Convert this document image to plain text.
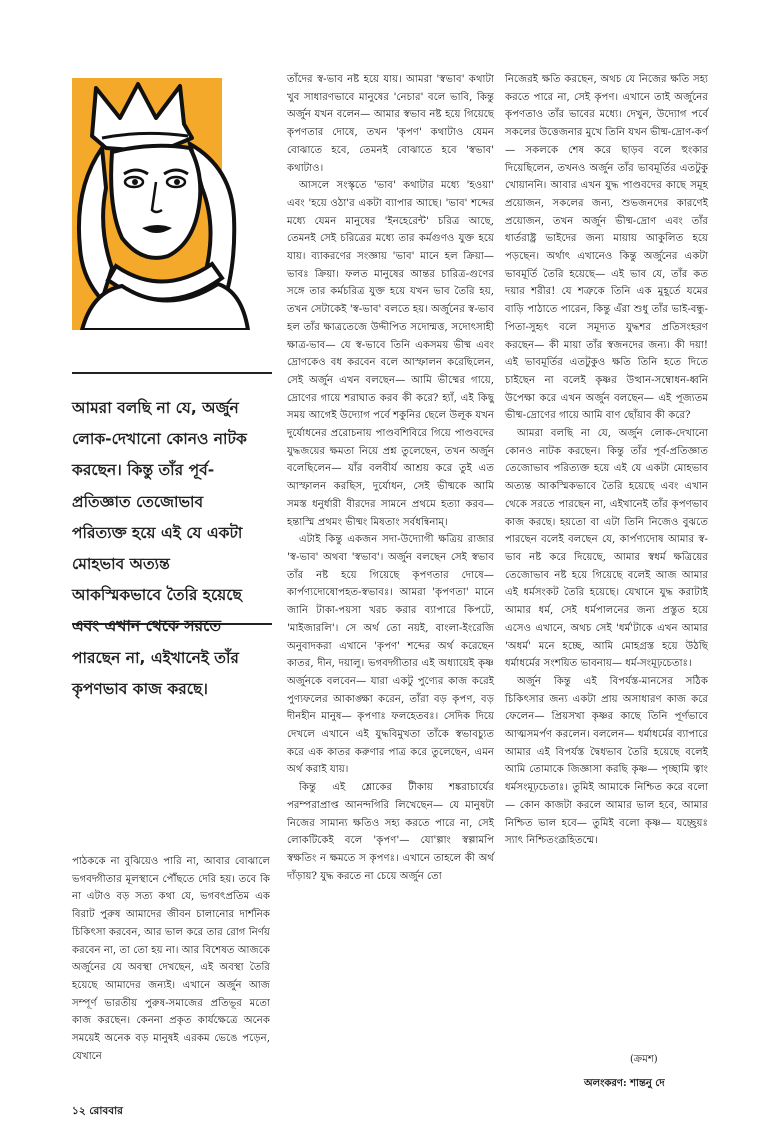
আমরা বলছি না যে, অর্জুন

লোক-দেখানো কোনও নাটক

করছেন। কিন্তু তাঁর পূর্ব-

প্রতিজ্ঞাত তেজোভাব

পরিত্যক্ত হয়ে এই যে একটা

মোহভাব অত্যন্ত

আকস্মিকভাবে তৈরি হয়েছে

এবং এখান থেকে সরতে

পারছেন না, এইখানেই তাঁর

কৃপণভাব কাজ করছে।

পাঠককে না বুঝিয়েও পারি না, আবার বোঝালে ভগবদ্গীতার মূলস্থানে পৌঁছতে দেরি হয়। তবে কি না এটাও বড় সত্য কথা যে, ভগবৎপ্রতিম এক বিরাট পুরুষ আমাদের জীবন চালানোর দার্শনিক চিকিৎসা করবেন, আর ভাল করে তার রোগ নির্ণয় করবেন না, তা তো হয় না। আর বিশেষত আজকে অর্জুনের যে অবস্থা দেখছেন, এই অবস্থা তৈরি হয়েছে আমাদের জন্যই। এখানে অর্জুন আজ সম্পূর্ণ ভারতীয় পুরুষ-সমাজের প্রতিভূর মতো কাজ করছেন। কেননা প্রকৃত কার্যক্ষেত্রে অনেক সময়েই অনেক বড় মানুষই এরকম ভেঙে পড়েন, যেখানে

তাঁদের স্ব-ভাব নষ্ট হয়ে যায়। আমরা 'স্বভাব' কথাটা খুব সাধারণভাবে মানুষের 'নেচার' বলে ভাবি, কিন্তু অর্জুন যখন বলেন— আমার স্বভাব নষ্ট হয়ে গিয়েছে কৃপণতার দোষে, তখন 'কৃপণ' কথাটাও যেমন বোঝাতে হবে, তেমনই বোঝাতে হবে 'স্বভাব' কথাটাও।

আসলে সংস্কৃতে 'ভাব' কথাটার মধ্যে 'হওয়া' এবং 'হয়ে ওঠা'র একটা ব্যাপার আছে। 'ভাব' শব্দের মধ্যে যেমন মানুষের 'ইনহেরেন্ট' চরিত্র আছে, তেমনই সেই চরিত্রের মধ্যে তার কর্মগুণও যুক্ত হয়ে যায়। ব্যাকরণের সংজ্ঞায় 'ভাব' মানে হল ক্রিয়া— ভাবঃ ক্রিয়া। ফলত মানুষের আন্তর চারিত্র-গুণের সঙ্গে তার কর্মচরিত্র যুক্ত হয়ে যখন ভাব তৈরি হয়, তখন সেটাকেই 'স্ব-ভাব' বলতে হয়। অর্জুনের স্ব-ভাব হল তাঁর ক্ষাত্রতেজে উদ্দীপিত সদোন্মত্ত, সদোৎসাহী ক্ষাত্র-ভাব— যে স্ব-ভাবে তিনি একসময় ভীষ্ম এবং দ্রোণকেও বধ করবেন বলে আস্ফালন করেছিলেন, সেই অর্জুন এখন বলছেন— আমি ভীষ্মের গায়ে, দ্রোণের গায়ে শরাঘাত করব কী করে? হ্যাঁ, এই কিছু সময় আগেই উদ্যোগ পর্বে শকুনির ছেলে উলূক যখন দুর্যোধনের প্ররোচনায় পাণ্ডবশিবিরে গিয়ে পাণ্ডবদের যুদ্ধজয়ের ক্ষমতা নিয়ে প্রশ্ন তুলেছেন, তখন অর্জুন বলেছিলেন— যাঁর বলবীর্য আশ্রয় করে তুই এত আস্ফালন করছিস, দুর্যোধন, সেই ভীষ্মকে আমি সমস্ত ধনুর্ধারী বীরদের সামনে প্রথমে হত্যা করব— হন্তাস্মি প্রথমং ভীষ্মং মিষতাং সর্বধন্বিনাম্।

এটাই কিন্তু একজন সদা-উদ্যোগী ক্ষত্রিয় রাজার 'স্ব-ভাব' অথবা 'স্বভাব'। অর্জুন বলছেন সেই স্বভাব তাঁর নষ্ট হয়ে গিয়েছে কৃপণতার দোষে— কার্পণ্যদোষোপহত-স্বভাবঃ। আমরা 'কৃপণতা' মানে জানি টাকা-পয়সা খরচ করার ব্যাপারে কিপটে, 'মাইজারলি'। সে অর্থ তো নয়ই, বাংলা-ইংরেজি অনুবাদকরা এখানে 'কৃপণ' শব্দের অর্থ করেছেন কাতর, দীন, দয়ালু। ভগবদ্গীতার এই অধ্যায়েই কৃষ্ণ অর্জুনকে বলবেন— যারা একটু পুণ্যের কাজ করেই পুণ্যফলের আকাঙ্ক্ষা করেন, তাঁরা বড় কৃপণ, বড় দীনহীন মানুষ— কৃপণাঃ ফলহেতবঃ। সেদিক দিয়ে দেখলে এখানে এই যুদ্ধবিমুখতা তাঁকে স্বভাবচ্যুত করে এক কাতর করুণার পাত্র করে তুলেছেন, এমন অর্থ করাই যায়।

কিন্তু এই শ্লোকের টীকায় শঙ্করাচার্যের পরম্পরাপ্রাপ্ত আনন্দগিরি লিখেছেন— যে মানুষটা নিজের সামান্য ক্ষতিও সহ্য করতে পারে না, সেই লোকটিকেই বলে 'কৃপণ'— যো'ল্পাং স্বল্পামপি স্বক্ষতিং ন ক্ষমতে স কৃপণঃ। এখানে তাহলে কী অর্থ দাঁড়ায়? যুদ্ধ করতে না চেয়ে অর্জুন তো

নিজেরই ক্ষতি করছেন, অথচ যে নিজের ক্ষতি সহ্য করতে পারে না, সেই কৃপণ। এখানে তাই অর্জুনের কৃপণতাও তাঁর ভাবের মধ্যে। দেখুন, উদ্যোগ পর্বে সকলের উত্তেজনার মুখে তিনি যখন ভীষ্ম-দ্রোণ-কর্ণ— সকলকে শেষ করে ছাড়ব বলে হুংকার দিয়েছিলেন, তখনও অর্জুন তাঁর ভাবমূর্তির এতটুকু খোয়াননি। আবার এখন যুদ্ধ পাণ্ডবদের কাছে সমূহ প্রয়োজন, সকলের জন্য, শুভজনদের কারণেই প্রয়োজন, তখন অর্জুন ভীষ্ম-দ্রোণ এবং তাঁর ধার্তরাষ্ট্র ভাইদের জন্য মায়ায় আকুলিত হয়ে পড়ছেন। অর্থাৎ এখানেও কিন্তু অর্জুনের একটা ভাবমূর্তি তৈরি হয়েছে— এই ভাব যে, তাঁর কত দয়ার শরীর! যে শত্রুকে তিনি এক মুহূর্তে যমের বাড়ি পাঠাতে পারেন, কিন্তু এঁরা শুধু তাঁর ভাই-বন্ধু-পিতা-সুহৃৎ বলে সমূদ্যত যুদ্ধশর প্রতিসংহরণ করছেন— কী মায়া তাঁর স্বজনদের জন্য। কী দয়া! এই ভাবমূর্তির এতটুকুও ক্ষতি তিনি হতে দিতে চাইছেন না বলেই কৃষ্ণর উত্থান-সম্বোধন-ধ্বনি উপেক্ষা করে এখন অর্জুন বলছেন— এই পূজ্যতম ভীষ্ম-দ্রোণের গায়ে আমি বাণ ছোঁয়াব কী করে?

আমরা বলছি না যে, অর্জুন লোক-দেখানো কোনও নাটক করছেন। কিন্তু তাঁর পূর্ব-প্রতিজ্ঞাত তেজোভাব পরিত্যক্ত হয়ে এই যে একটা মোহভাব অত্যন্ত আকস্মিকভাবে তৈরি হয়েছে এবং এখান থেকে সরতে পারছেন না, এইখানেই তাঁর কৃপণভাব কাজ করছে। হয়তো বা এটা তিনি নিজেও বুঝতে পারছেন বলেই বলছেন যে, কার্পণ্যদোষ আমার স্ব-ভাব নষ্ট করে দিয়েছে, আমার স্বধর্ম ক্ষত্রিয়ের তেজোভাব নষ্ট হয়ে গিয়েছে বলেই আজ আমার এই ধর্মসংকট তৈরি হয়েছে। যেখানে যুদ্ধ করাটাই আমার ধর্ম, সেই ধর্মপালনের জন্য প্রস্তুত হয়ে এসেও এখানে, অথচ সেই 'ধর্ম'টাকে এখন আমার 'অধর্ম' মনে হচ্ছে, আমি মোহগ্রস্ত হয়ে উঠছি ধর্মাধর্মের সংশয়িত ভাবনায়— ধর্ম-সংমূঢ়চেতাঃ।

অর্জুন কিন্তু এই বিপর্যস্ত-মানসের সঠিক চিকিৎসার জন্য একটা প্রায় অসাধারণ কাজ করে ফেলেন— প্রিয়সখা কৃষ্ণর কাছে তিনি পূর্ণভাবে আত্মসমর্পণ করলেন। বললেন— ধর্মাধর্মের ব্যাপারে আমার এই বিপর্যস্ত দ্বৈধভাব তৈরি হয়েছে বলেই আমি তোমাকে জিজ্ঞাসা করছি কৃষ্ণ— পৃচ্ছামি ত্বাং ধর্মসংমূঢ়চেতাঃ। তুমিই আমাকে নিশ্চিত করে বলো— কোন কাজটা করলে আমার ভাল হবে, আমার নিশ্চিত ভাল হবে— তুমিই বলো কৃষ্ণ— যচ্ছ্রেয়ঃ স্যাৎ নিশ্চিতংব্রূহিতন্মে।

(ক্রমশ)
অলংকরণ: শান্তনু দে
১২ রোববার
